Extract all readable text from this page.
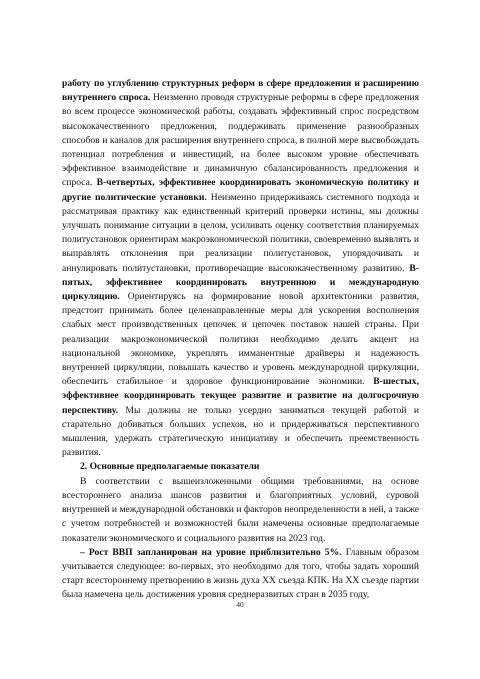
работу по углублению структурных реформ в сфере предложения и расширению внутреннего спроса. Неизменно проводя структурные реформы в сфере предложения во всем процессе экономической работы, создавать эффективный спрос посредством высококачественного предложения, поддерживать применение разнообразных способов и каналов для расширения внутреннего спроса, в полной мере высвобождать потенциал потребления и инвестиций, на более высоком уровне обеспечивать эффективное взаимодействие и динамичную сбалансированность предложения и спроса. В-четвертых, эффективнее координировать экономическую политику и другие политические установки. Неизменно придерживаясь системного подхода и рассматривая практику как единственный критерий проверки истины, мы должны улучшать понимание ситуации в целом, усиливать оценку соответствия планируемых политустановок ориентирам макроэкономической политики, своевременно выявлять и выправлять отклонения при реализации политустановок, упорядочивать и аннулировать политустановки, противоречащие высококачественному развитию. В-пятых, эффективнее координировать внутреннюю и международную циркуляцию. Ориентируясь на формирование новой архитектоники развития, предстоит принимать более целенаправленные меры для ускорения восполнения слабых мест производственных цепочек и цепочек поставок нашей страны. При реализации макроэкономической политики необходимо делать акцент на национальной экономике, укреплять имманентные драйверы и надежность внутренней циркуляции, повышать качество и уровень международной циркуляции, обеспечить стабильное и здоровое функционирование экономики. В-шестых, эффективнее координировать текущее развитие и развитие на долгосрочную перспективу. Мы должны не только усердно заниматься текущей работой и старательно добиваться больших успехов, но и придерживаться перспективного мышления, удержать стратегическую инициативу и обеспечить преемственность развития.

2. Основные предполагаемые показатели

В соответствии с вышеизложенными общими требованиями, на основе всестороннего анализа шансов развития и благоприятных условий, суровой внутренней и международной обстановки и факторов неопределенности в ней, а также с учетом потребностей и возможностей были намечены основные предполагаемые показатели экономического и социального развития на 2023 год.

– Рост ВВП запланирован на уровне приблизительно 5%. Главным образом учитывается следующее: во-первых, это необходимо для того, чтобы задать хороший старт всестороннему претворению в жизнь духа XX съезда КПК. На XX съезде партии была намечена цель достижения уровня среднеразвитых стран в 2035 году,

40
